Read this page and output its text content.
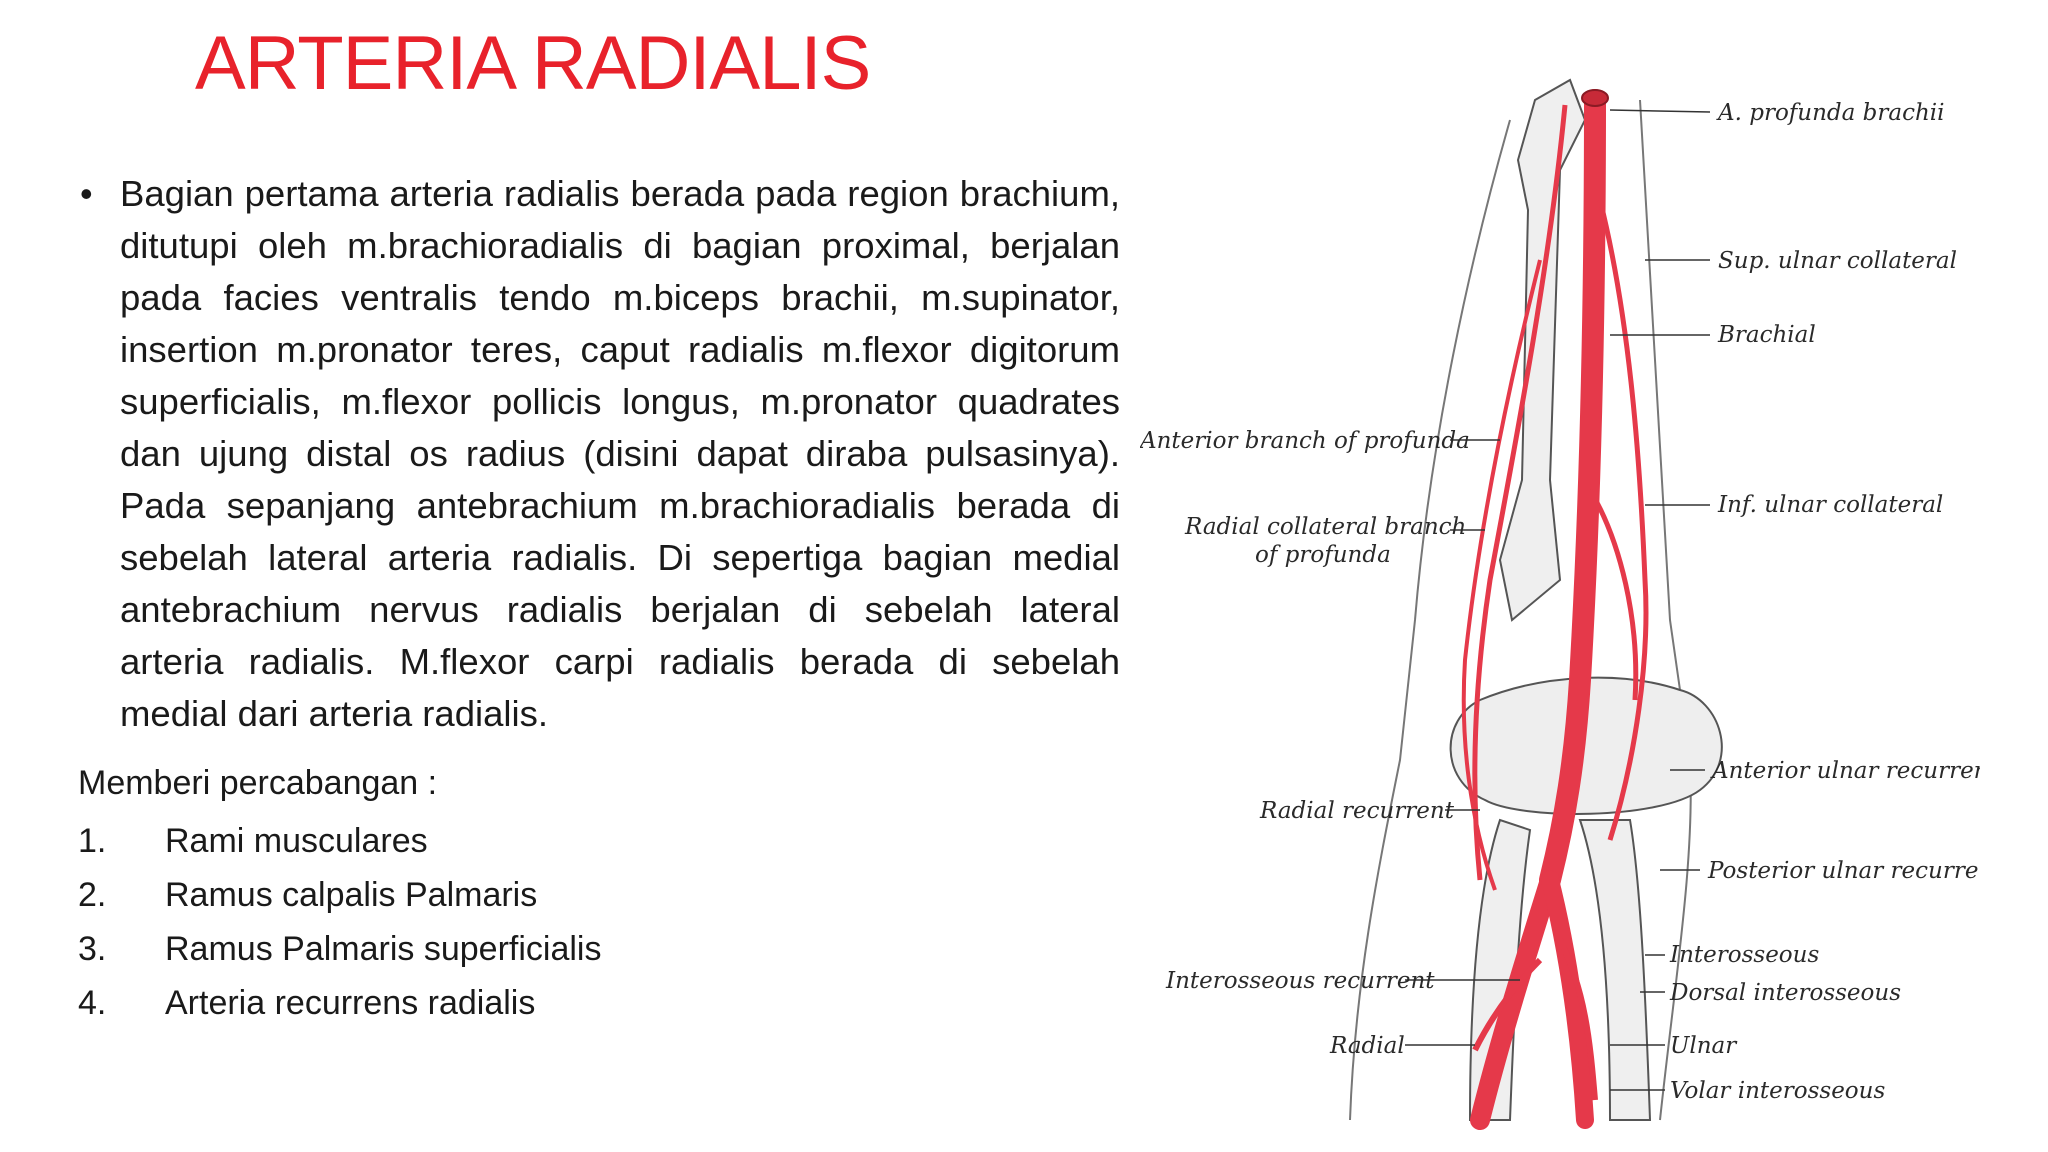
ARTERIA RADIALIS
• Bagian pertama arteria radialis berada pada region brachium, ditutupi oleh m.brachioradialis di bagian proximal, berjalan pada facies ventralis tendo m.biceps brachii, m.supinator, insertion m.pronator teres, caput radialis m.flexor digitorum superficialis, m.flexor pollicis longus, m.pronator quadrates dan ujung distal os radius (disini dapat diraba pulsasinya). Pada sepanjang antebrachium m.brachioradialis berada di sebelah lateral arteria radialis. Di sepertiga bagian medial antebrachium nervus radialis berjalan di sebelah lateral arteria radialis. M.flexor carpi radialis berada di sebelah medial dari arteria radialis.

Memberi percabangan :
1.	Rami musculares
2.	Ramus calpalis Palmaris
3.	Ramus Palmaris superficialis
4.	Arteria recurrens radialis
A. profunda brachii
Sup. ulnar collateral
Brachial
Anterior branch of profunda
Inf. ulnar collateral
Radial collateral branch
of profunda
Anterior ulnar recurrent
Radial recurrent
Posterior ulnar recurrent
Interosseous
Interosseous recurrent	Dorsal interosseous
Radial	Ulnar
Volar interosseous
